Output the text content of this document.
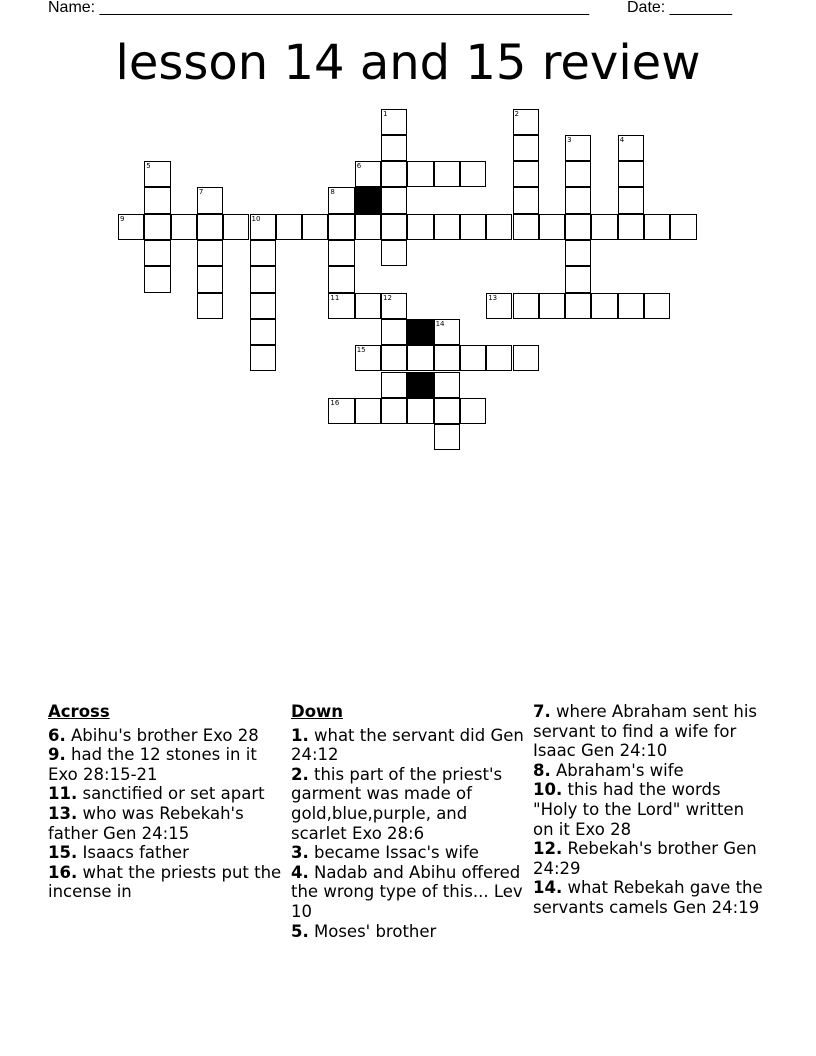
Name: _______________________________________________________ Date: _______
lesson 14 and 15 review
1	2
3	4
5	6
7	8
11
9	10
12	13
14
15
16
Across
6. Abihu's brother Exo 28
9. had the 12 stones in it Exo 28:15-21
11. sanctified or set apart
13. who was Rebekah's father Gen 24:15
15. Isaacs father
16. what the priests put the incense in
Down
1. what the servant did Gen 24:12
2. this part of the priest's garment was made of gold,blue,purple, and scarlet Exo 28:6
3. became Issac's wife
4. Nadab and Abihu offered the wrong type of this... Lev 10
5. Moses' brother
7. where Abraham sent his servant to find a wife for Isaac Gen 24:10
8. Abraham's wife
10. this had the words "Holy to the Lord" written on it Exo 28
12. Rebekah's brother Gen 24:29
14. what Rebekah gave the servants camels Gen 24:19
